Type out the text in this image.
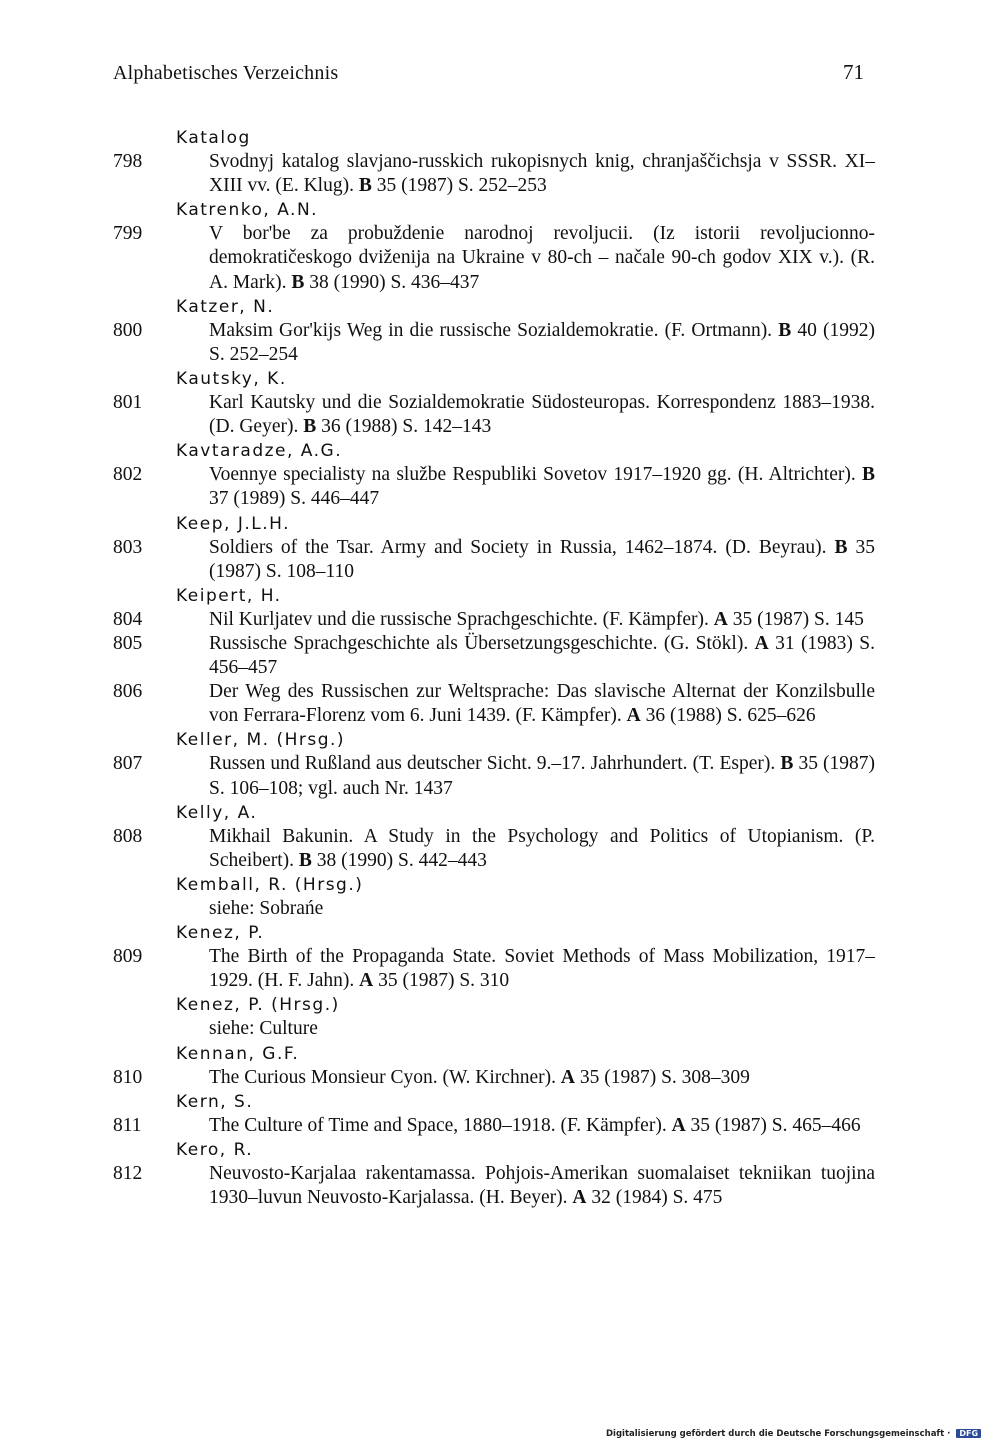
Alphabetisches Verzeichnis	71
Katalog
798	Svodnyj katalog slavjano-russkich rukopisnych knig, chranjaščichsja v SSSR. XI–XIII vv. (E. Klug). B 35 (1987) S. 252–253
Katrenko, A.N.
799	V bor'be za probuždenie narodnoj revoljucii. (Iz istorii revoljucionno-demokratičeskogo dviženija na Ukraine v 80-ch – načale 90-ch godov XIX v.). (R. A. Mark). B 38 (1990) S. 436–437
Katzer, N.
800	Maksim Gor'kijs Weg in die russische Sozialdemokratie. (F. Ortmann). B 40 (1992) S. 252–254
Kautsky, K.
801	Karl Kautsky und die Sozialdemokratie Südosteuropas. Korrespondenz 1883–1938. (D. Geyer). B 36 (1988) S. 142–143
Kavtaradze, A.G.
802	Voennye specialisty na službe Respubliki Sovetov 1917–1920 gg. (H. Altrichter). B 37 (1989) S. 446–447
Keep, J.L.H.
803	Soldiers of the Tsar. Army and Society in Russia, 1462–1874. (D. Beyrau). B 35 (1987) S. 108–110
Keipert, H.
804	Nil Kurljatev und die russische Sprachgeschichte. (F. Kämpfer). A 35 (1987) S. 145
805	Russische Sprachgeschichte als Übersetzungsgeschichte. (G. Stökl). A 31 (1983) S. 456–457
806	Der Weg des Russischen zur Weltsprache: Das slavische Alternat der Konzilsbulle von Ferrara-Florenz vom 6. Juni 1439. (F. Kämpfer). A 36 (1988) S. 625–626
Keller, M. (Hrsg.)
807	Russen und Rußland aus deutscher Sicht. 9.–17. Jahrhundert. (T. Esper). B 35 (1987) S. 106–108; vgl. auch Nr. 1437
Kelly, A.
808	Mikhail Bakunin. A Study in the Psychology and Politics of Utopianism. (P. Scheibert). B 38 (1990) S. 442–443
Kemball, R. (Hrsg.)
siehe: Sobrańe
Kenez, P.
809	The Birth of the Propaganda State. Soviet Methods of Mass Mobilization, 1917–1929. (H. F. Jahn). A 35 (1987) S. 310
Kenez, P. (Hrsg.)
siehe: Culture
Kennan, G.F.
810	The Curious Monsieur Cyon. (W. Kirchner). A 35 (1987) S. 308–309
Kern, S.
811	The Culture of Time and Space, 1880–1918. (F. Kämpfer). A 35 (1987) S. 465–466
Kero, R.
812	Neuvosto-Karjalaa rakentamassa. Pohjois-Amerikan suomalaiset tekniikan tuojina 1930–luvun Neuvosto-Karjalassa. (H. Beyer). A 32 (1984) S. 475
Digitalisierung gefördert durch die Deutsche Forschungsgemeinschaft · DFG
